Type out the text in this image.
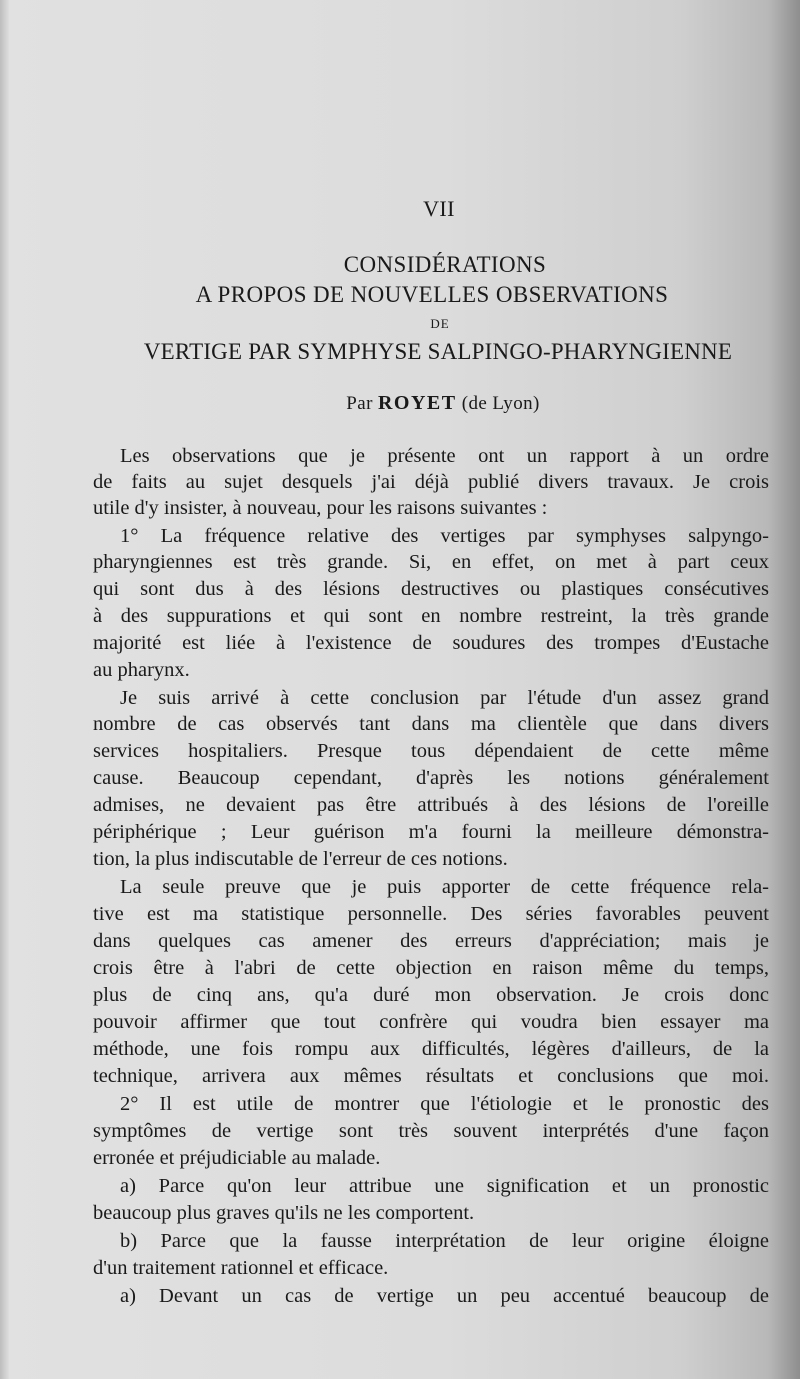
VII
CONSIDÉRATIONS
A PROPOS DE NOUVELLES OBSERVATIONS
DE
VERTIGE PAR SYMPHYSE SALPINGO-PHARYNGIENNE
Par ROYET (de Lyon)
Les observations que je présente ont un rapport à un ordre
de faits au sujet desquels j'ai déjà publié divers travaux. Je crois
utile d'y insister, à nouveau, pour les raisons suivantes :
1° La fréquence relative des vertiges par symphyses salpyngo-
pharyngiennes est très grande. Si, en effet, on met à part ceux
qui sont dus à des lésions destructives ou plastiques consécutives
à des suppurations et qui sont en nombre restreint, la très grande
majorité est liée à l'existence de soudures des trompes d'Eustache
au pharynx.
Je suis arrivé à cette conclusion par l'étude d'un assez grand
nombre de cas observés tant dans ma clientèle que dans divers
services hospitaliers. Presque tous dépendaient de cette même
cause. Beaucoup cependant, d'après les notions généralement
admises, ne devaient pas être attribués à des lésions de l'oreille
périphérique ; Leur guérison m'a fourni la meilleure démonstra-
tion, la plus indiscutable de l'erreur de ces notions.
La seule preuve que je puis apporter de cette fréquence rela-
tive est ma statistique personnelle. Des séries favorables peuvent
dans quelques cas amener des erreurs d'appréciation; mais je
crois être à l'abri de cette objection en raison même du temps,
plus de cinq ans, qu'a duré mon observation. Je crois donc
pouvoir affirmer que tout confrère qui voudra bien essayer ma
méthode, une fois rompu aux difficultés, légères d'ailleurs, de la
technique, arrivera aux mêmes résultats et conclusions que moi.
2° Il est utile de montrer que l'étiologie et le pronostic des
symptômes de vertige sont très souvent interprétés d'une façon
erronée et préjudiciable au malade.
a) Parce qu'on leur attribue une signification et un pronostic
beaucoup plus graves qu'ils ne les comportent.
b) Parce que la fausse interprétation de leur origine éloigne
d'un traitement rationnel et efficace.
a) Devant un cas de vertige un peu accentué beaucoup de
